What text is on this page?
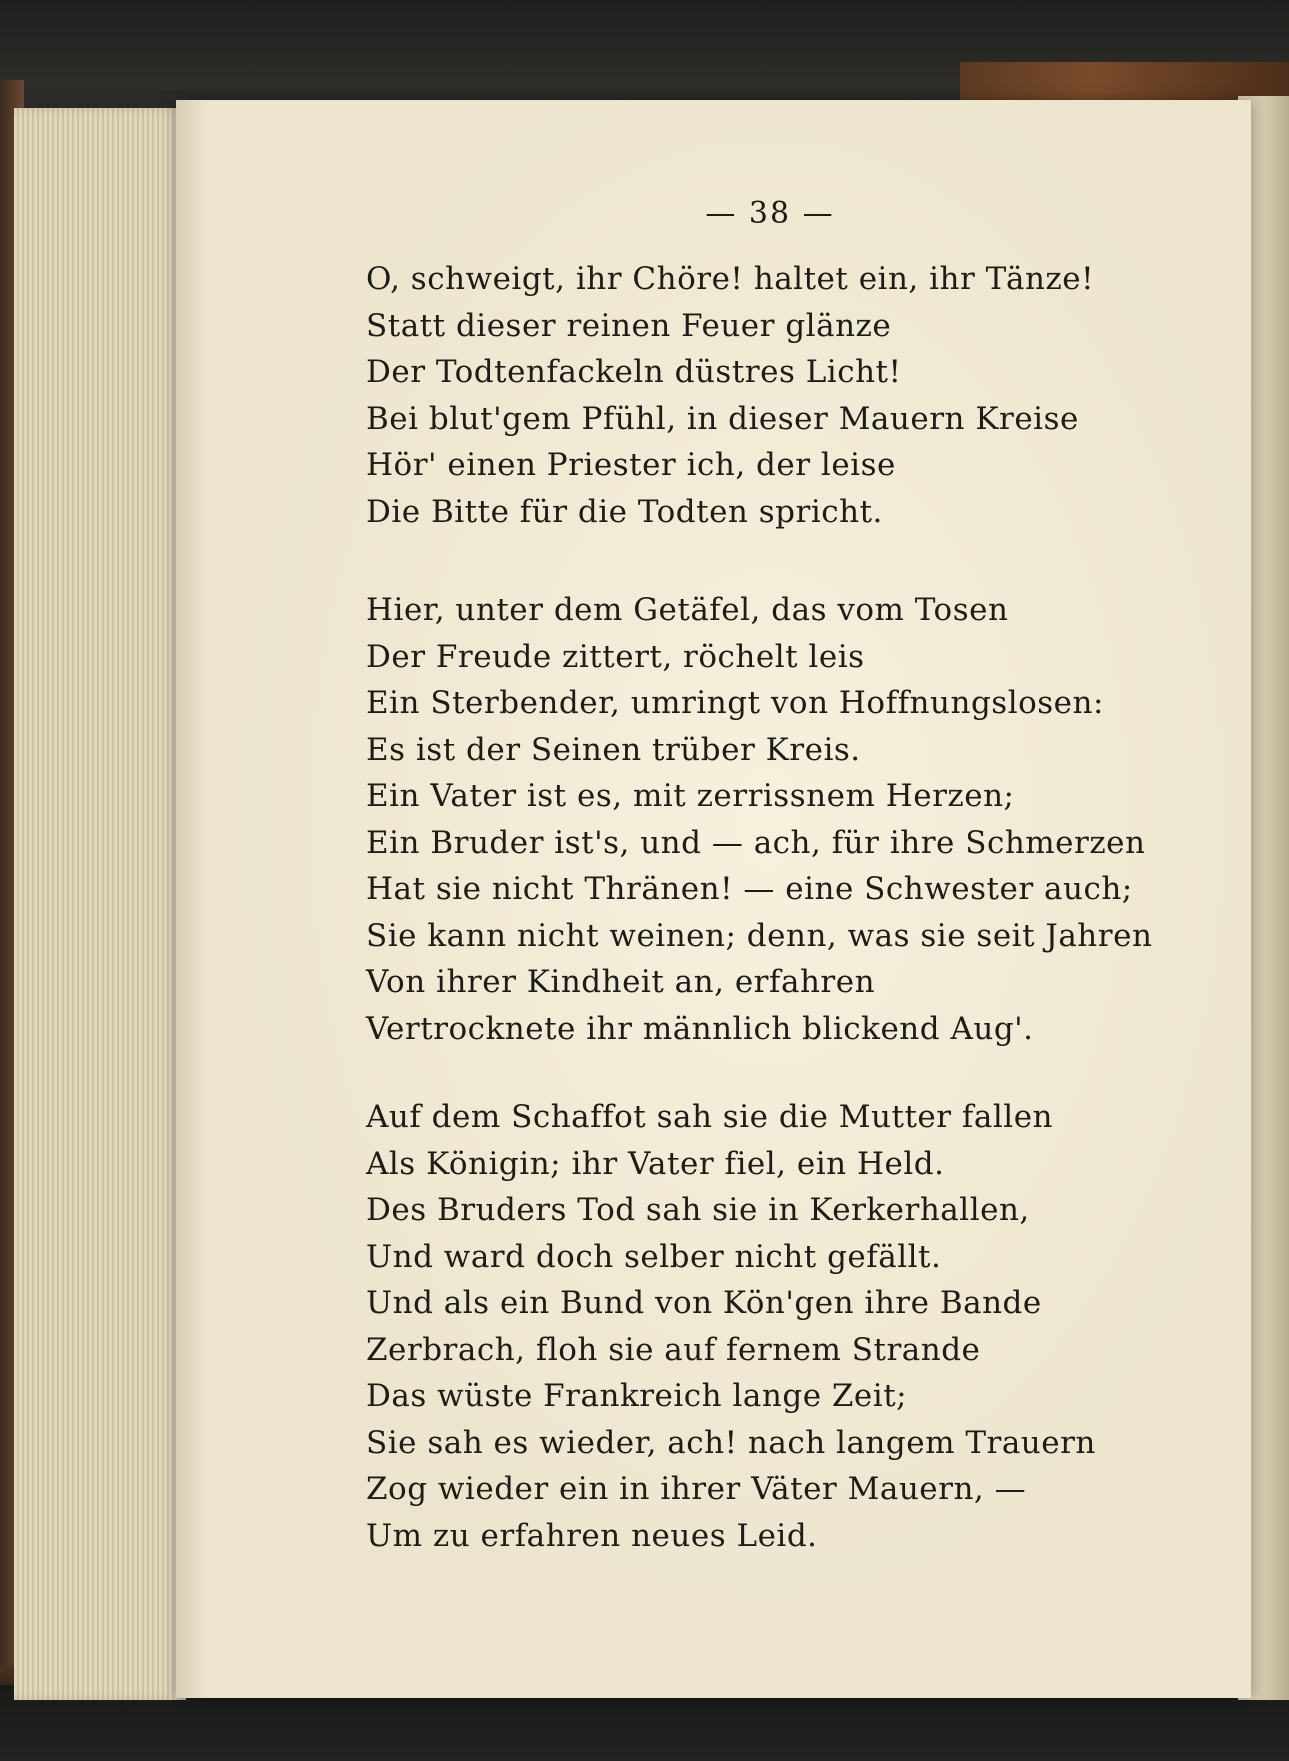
— 38 —
O, schweigt, ihr Chöre! haltet ein, ihr Tänze!
Statt dieser reinen Feuer glänze
Der Todtenfackeln düstres Licht!
Bei blut'gem Pfühl, in dieser Mauern Kreise
Hör' einen Priester ich, der leise
Die Bitte für die Todten spricht.
Hier, unter dem Getäfel, das vom Tosen
Der Freude zittert, röchelt leis
Ein Sterbender, umringt von Hoffnungslosen:
Es ist der Seinen trüber Kreis.
Ein Vater ist es, mit zerrissnem Herzen;
Ein Bruder ist's, und — ach, für ihre Schmerzen
Hat sie nicht Thränen! — eine Schwester auch;
Sie kann nicht weinen; denn, was sie seit Jahren
Von ihrer Kindheit an, erfahren
Vertrocknete ihr männlich blickend Aug'.
Auf dem Schaffot sah sie die Mutter fallen
Als Königin; ihr Vater fiel, ein Held.
Des Bruders Tod sah sie in Kerkerhallen,
Und ward doch selber nicht gefällt.
Und als ein Bund von Kön'gen ihre Bande
Zerbrach, floh sie auf fernem Strande
Das wüste Frankreich lange Zeit;
Sie sah es wieder, ach! nach langem Trauern
Zog wieder ein in ihrer Väter Mauern, —
Um zu erfahren neues Leid.
